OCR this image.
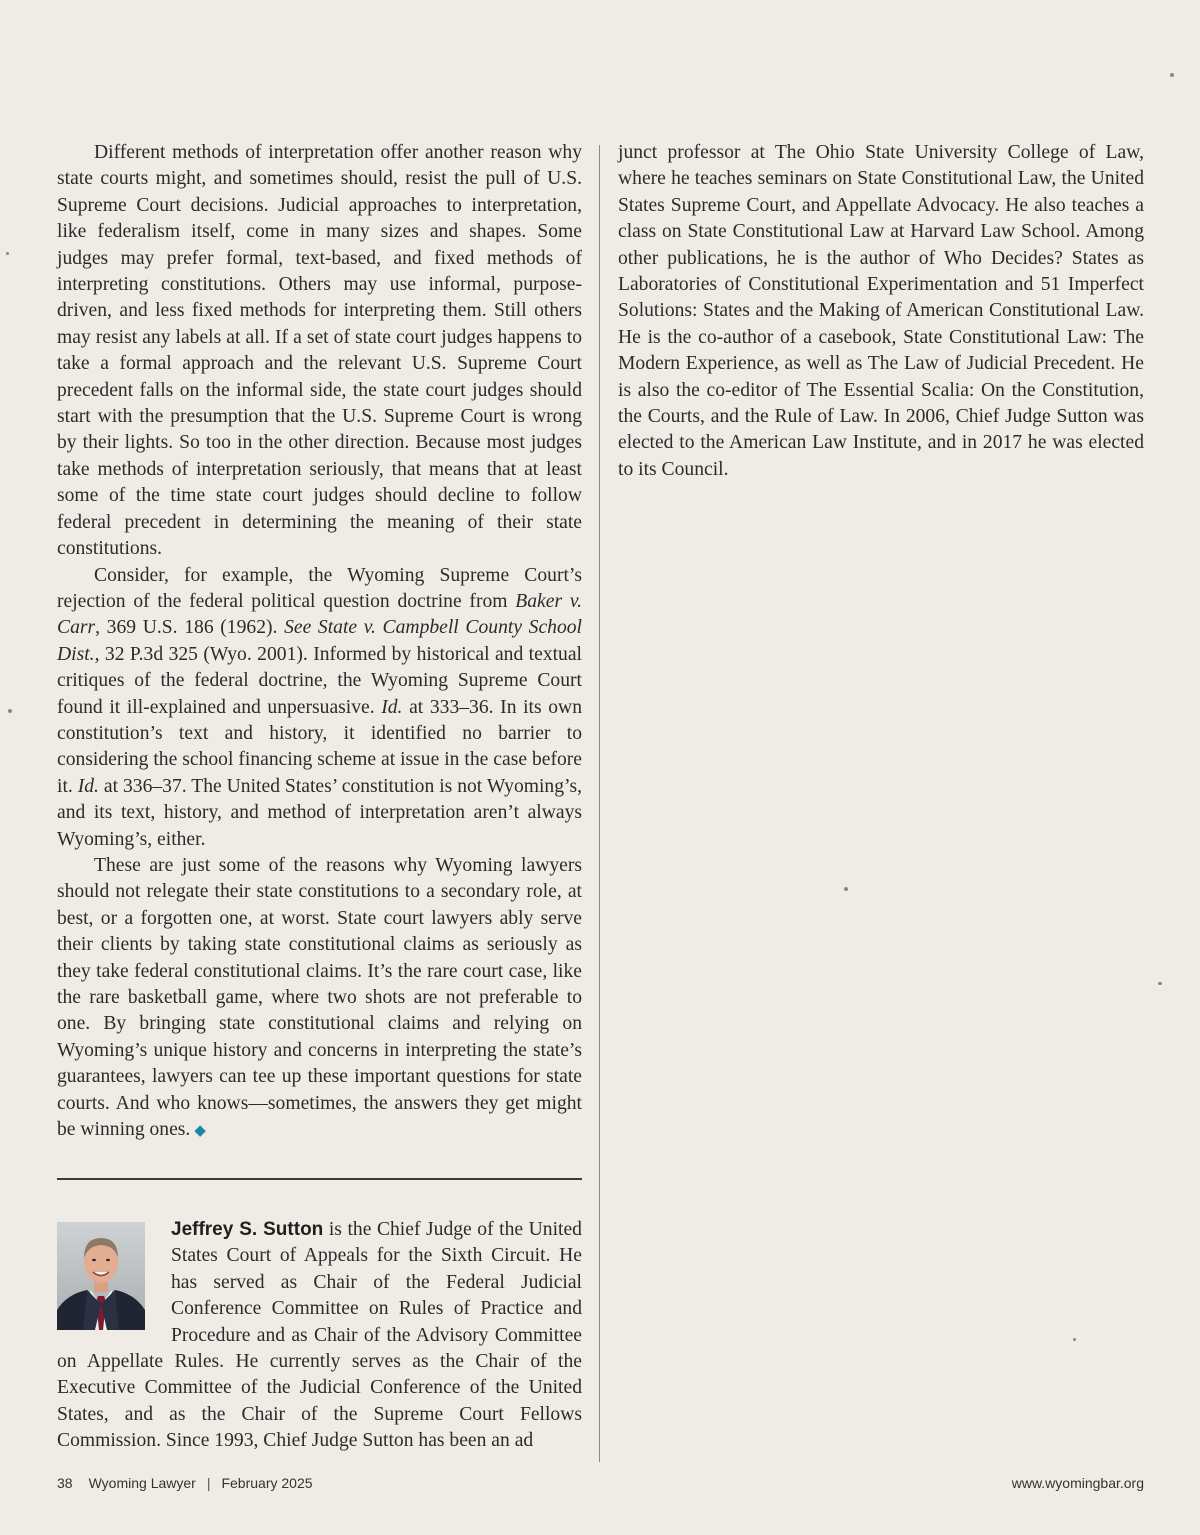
Different methods of interpretation offer another reason why state courts might, and sometimes should, resist the pull of U.S. Supreme Court decisions. Judicial approaches to interpretation, like federalism itself, come in many sizes and shapes. Some judges may prefer formal, text-based, and fixed methods of interpreting constitutions. Others may use informal, purpose-driven, and less fixed methods for interpreting them. Still others may resist any labels at all. If a set of state court judges happens to take a formal approach and the relevant U.S. Supreme Court precedent falls on the informal side, the state court judges should start with the presumption that the U.S. Supreme Court is wrong by their lights. So too in the other direction. Because most judges take methods of interpretation seriously, that means that at least some of the time state court judges should decline to follow federal precedent in determining the meaning of their state constitutions.

Consider, for example, the Wyoming Supreme Court’s rejection of the federal political question doctrine from Baker v. Carr, 369 U.S. 186 (1962). See State v. Campbell County School Dist., 32 P.3d 325 (Wyo. 2001). Informed by historical and textual critiques of the federal doctrine, the Wyoming Supreme Court found it ill-explained and unpersuasive. Id. at 333–36. In its own constitution’s text and history, it identified no barrier to considering the school financing scheme at issue in the case before it. Id. at 336–37. The United States’ constitution is not Wyoming’s, and its text, history, and method of interpretation aren’t always Wyoming’s, either.

These are just some of the reasons why Wyoming lawyers should not relegate their state constitutions to a secondary role, at best, or a forgotten one, at worst. State court lawyers ably serve their clients by taking state constitutional claims as seriously as they take federal constitutional claims. It’s the rare court case, like the rare basketball game, where two shots are not preferable to one. By bringing state constitutional claims and relying on Wyoming’s unique history and concerns in interpreting the state’s guarantees, lawyers can tee up these important questions for state courts. And who knows—sometimes, the answers they get might be winning ones. ◆

Jeffrey S. Sutton is the Chief Judge of the United States Court of Appeals for the Sixth Circuit. He has served as Chair of the Federal Judicial Conference Committee on Rules of Practice and Procedure and as Chair of the Advisory Committee on Appellate Rules. He currently serves as the Chair of the Executive Committee of the Judicial Conference of the United States, and as the Chair of the Supreme Court Fellows Commission. Since 1993, Chief Judge Sutton has been an ad

junct professor at The Ohio State University College of Law, where he teaches seminars on State Constitutional Law, the United States Supreme Court, and Appellate Advocacy. He also teaches a class on State Constitutional Law at Harvard Law School. Among other publications, he is the author of Who Decides? States as Laboratories of Constitutional Experimentation and 51 Imperfect Solutions: States and the Making of American Constitutional Law. He is the co-author of a casebook, State Constitutional Law: The Modern Experience, as well as The Law of Judicial Precedent. He is also the co-editor of The Essential Scalia: On the Constitution, the Courts, and the Rule of Law. In 2006, Chief Judge Sutton was elected to the American Law Institute, and in 2017 he was elected to its Council.

38 Wyoming Lawyer | February 2025	www.wyomingbar.org
